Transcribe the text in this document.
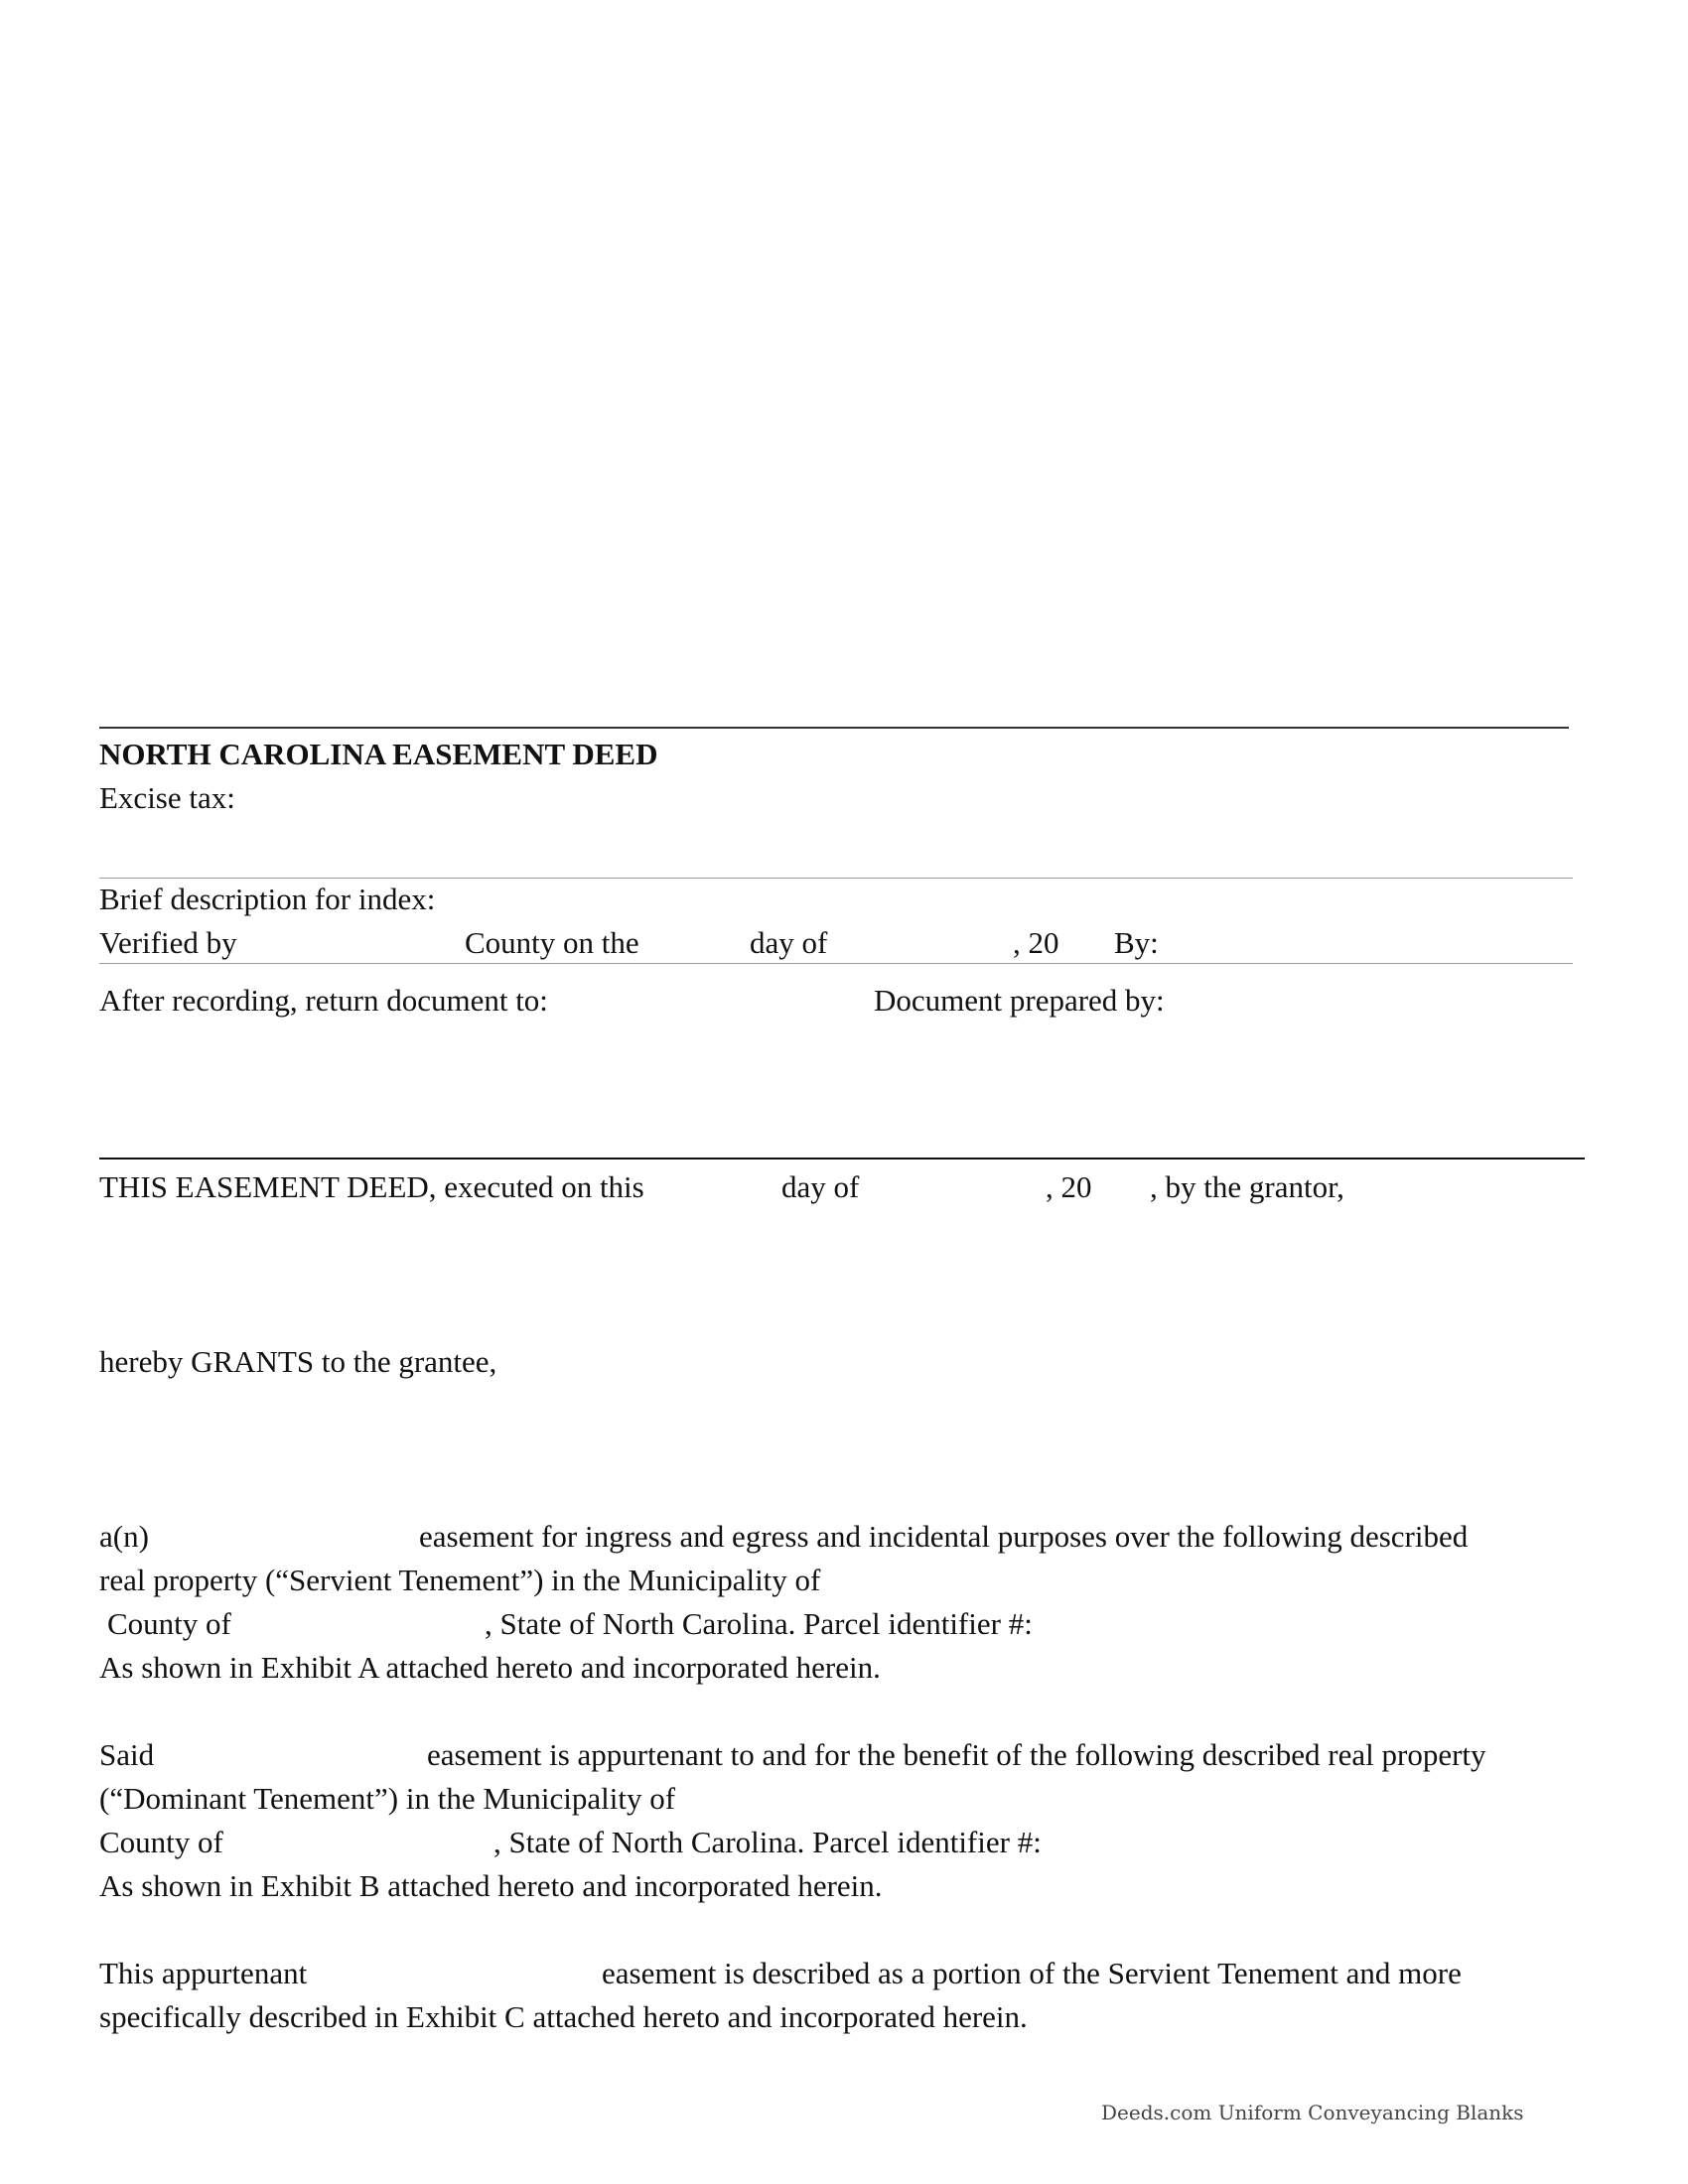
NORTH CAROLINA EASEMENT DEED
Excise tax:
Brief description for index:
Verified by	County on the	day of	, 20 By:
After recording, return document to:	Document prepared by:
THIS EASEMENT DEED, executed on this	day of	, 20 , by the grantor,
hereby GRANTS to the grantee,
a(n)	easement for ingress and egress and incidental purposes over the following described
real property (“Servient Tenement”) in the Municipality of
County of	, State of North Carolina. Parcel identifier #:
As shown in Exhibit A attached hereto and incorporated herein.
Said	easement is appurtenant to and for the benefit of the following described real property
(“Dominant Tenement”) in the Municipality of
County of	, State of North Carolina. Parcel identifier #:
As shown in Exhibit B attached hereto and incorporated herein.
This appurtenant	easement is described as a portion of the Servient Tenement and more
specifically described in Exhibit C attached hereto and incorporated herein.
Deeds.com Uniform Conveyancing Blanks
